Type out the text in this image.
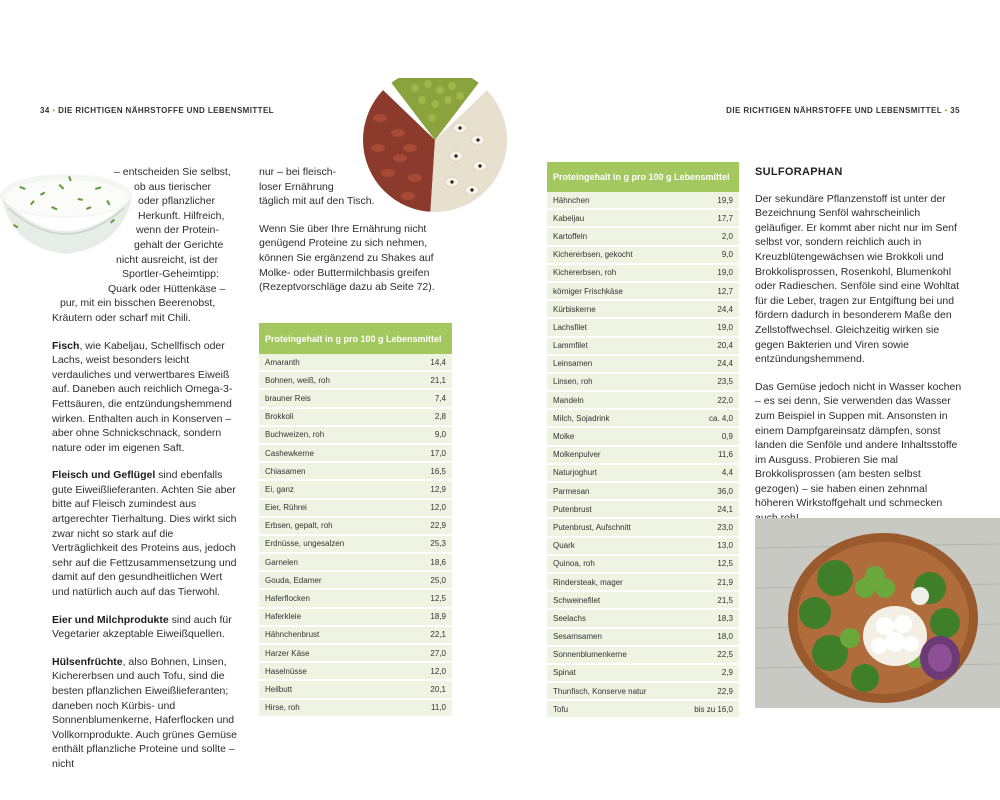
34 • DIE RICHTIGEN NÄHRSTOFFE UND LEBENSMITTEL	DIE RICHTIGEN NÄHRSTOFFE UND LEBENSMITTEL • 35

– entscheiden Sie selbst,
ob aus tierischer
oder pflanzlicher
Herkunft. Hilfreich,
wenn der Protein-
gehalt der Gerichte
nicht ausreicht, ist der
Sportler-Geheimtipp:
Quark oder Hüttenkäse –
pur, mit ein bisschen Beerenobst,
Kräutern oder scharf mit Chili.

Fisch, wie Kabeljau, Schellfisch oder Lachs, weist besonders leicht verdauliches und verwertbares Eiweiß auf. Daneben auch reichlich Omega-3-Fettsäuren, die entzündungshemmend wirken. Enthalten auch in Konserven – aber ohne Schnickschnack, sondern nature oder im eigenen Saft.

Fleisch und Geflügel sind ebenfalls gute Eiweißlieferanten. Achten Sie aber bitte auf Fleisch zumindest aus artgerechter Tierhaltung. Dies wirkt sich zwar nicht so stark auf die Verträglichkeit des Proteins aus, jedoch sehr auf die Fettzusammensetzung und damit auf den gesundheitlichen Wert und natürlich auch auf das Tierwohl.

Eier und Milchprodukte sind auch für Vegetarier akzeptable Eiweißquellen.

Hülsenfrüchte, also Bohnen, Linsen, Kichererbsen und auch Tofu, sind die besten pflanzlichen Eiweißlieferanten; daneben noch Kürbis- und Sonnenblumenkerne, Haferflocken und Vollkornprodukte. Auch grünes Gemüse enthält pflanzliche Proteine und sollte – nicht

nur – bei fleisch-
loser Ernährung
täglich mit auf den Tisch.

Wenn Sie über Ihre Ernährung nicht genügend Proteine zu sich nehmen, können Sie ergänzend zu Shakes auf Molke- oder Buttermilchbasis greifen (Rezeptvorschläge dazu ab Seite 72).

Proteingehalt in g pro 100 g Lebensmittel	
Amaranth	14,4
Bohnen, weiß, roh	21,1
brauner Reis	7,4
Brokkoli	2,8
Buchweizen, roh	9,0
Cashewkerne	17,0
Chiasamen	16,5
Ei, ganz	12,9
Eier, Rührei	12,0
Erbsen, gepalt, roh	22,9
Erdnüsse, ungesalzen	25,3
Garnelen	18,6
Gouda, Edamer	25,0
Haferflocken	12,5
Haferkleie	18,9
Hähnchenbrust	22,1
Harzer Käse	27,0
Haselnüsse	12,0
Heilbutt	20,1
Hirse, roh	11,0
Proteingehalt in g pro 100 g Lebensmittel	
Hähnchen	19,9
Kabeljau	17,7
Kartoffeln	2,0
Kichererbsen, gekocht	9,0
Kichererbsen, roh	19,0
körniger Frischkäse	12,7
Kürbiskerne	24,4
Lachsfilet	19,0
Lammfilet	20,4
Leinsamen	24,4
Linsen, roh	23,5
Mandeln	22,0
Milch, Sojadrink	ca. 4,0
Molke	0,9
Molkenpulver	11,6
Naturjoghurt	4,4
Parmesan	36,0
Putenbrust	24,1
Putenbrust, Aufschnitt	23,0
Quark	13,0
Quinoa, roh	12,5
Rindersteak, mager	21,9
Schweinefilet	21,5
Seelachs	18,3
Sesamsamen	18,0
Sonnenblumenkerne	22,5
Spinat	2,9
Thunfisch, Konserve natur	22,9
Tofu	bis zu 16,0
SULFORAPHAN

Der sekundäre Pflanzenstoff ist unter der Bezeichnung Senföl wahrscheinlich geläufiger. Er kommt aber nicht nur im Senf selbst vor, sondern reichlich auch in Kreuzblütengewächsen wie Brokkoli und Brokkolisprossen, Rosenkohl, Blumenkohl oder Radieschen. Senföle sind eine Wohltat für die Leber, tragen zur Entgiftung bei und fördern dadurch in besonderem Maße den Zellstoffwechsel. Gleichzeitig wirken sie gegen Bakterien und Viren sowie entzündungshemmend.

Das Gemüse jedoch nicht in Wasser kochen – es sei denn, Sie verwenden das Wasser zum Beispiel in Suppen mit. Ansonsten in einem Dampfgareinsatz dämpfen, sonst landen die Senföle und andere Inhaltsstoffe im Ausguss. Probieren Sie mal Brokkolisprossen (am besten selbst gezogen) – sie haben einen zehnmal höheren Wirkstoffgehalt und schmecken
